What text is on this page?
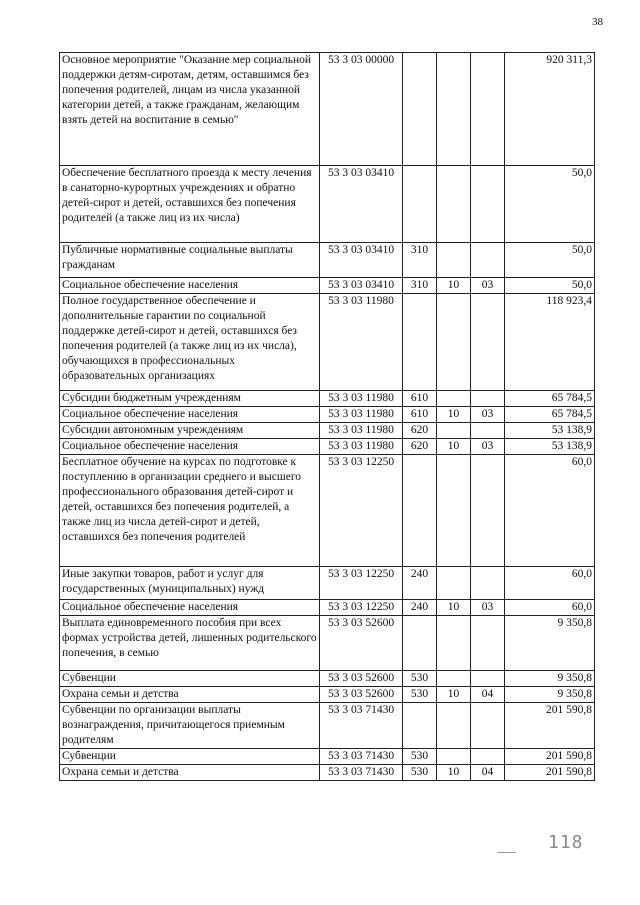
38
Основное мероприятие "Оказание мер социальной поддержки детям-сиротам, детям, оставшимся без попечения родителей, лицам из числа указанной категории детей, а также гражданам, желающим взять детей на воспитание в семью"	53 3 03 00000				920 311,3
Обеспечение бесплатного проезда к месту лечения в санаторно-курортных учреждениях и обратно детей-сирот и детей, оставшихся без попечения родителей (а также лиц из их числа)	53 3 03 03410				50,0
Публичные нормативные социальные выплаты гражданам	53 3 03 03410	310			50,0
Социальное обеспечение населения	53 3 03 03410	310	10	03	50,0
Полное государственное обеспечение и дополнительные гарантии по социальной поддержке детей-сирот и детей, оставшихся без попечения родителей (а также лиц из их числа), обучающихся в профессиональных образовательных организациях	53 3 03 11980				118 923,4
Субсидии бюджетным учреждениям	53 3 03 11980	610			65 784,5
Социальное обеспечение населения	53 3 03 11980	610	10	03	65 784,5
Субсидии автономным учреждениям	53 3 03 11980	620			53 138,9
Социальное обеспечение населения	53 3 03 11980	620	10	03	53 138,9
Бесплатное обучение на курсах по подготовке к поступлению в организации среднего и высшего профессионального образования детей-сирот и детей, оставшихся без попечения родителей, а также лиц из числа детей-сирот и детей, оставшихся без попечения родителей	53 3 03 12250				60,0
Иные закупки товаров, работ и услуг для государственных (муниципальных) нужд	53 3 03 12250	240			60,0
Социальное обеспечение населения	53 3 03 12250	240	10	03	60,0
Выплата единовременного пособия при всех формах устройства детей, лишенных родительского попечения, в семью	53 3 03 52600				9 350,8
Субвенции	53 3 03 52600	530			9 350,8
Охрана семьи и детства	53 3 03 52600	530	10	04	9 350,8
Субвенции по организации выплаты вознаграждения, причитающегося приемным родителям	53 3 03 71430				201 590,8
Субвенции	53 3 03 71430	530			201 590,8
Охрана семьи и детства	53 3 03 71430	530	10	04	201 590,8
118
